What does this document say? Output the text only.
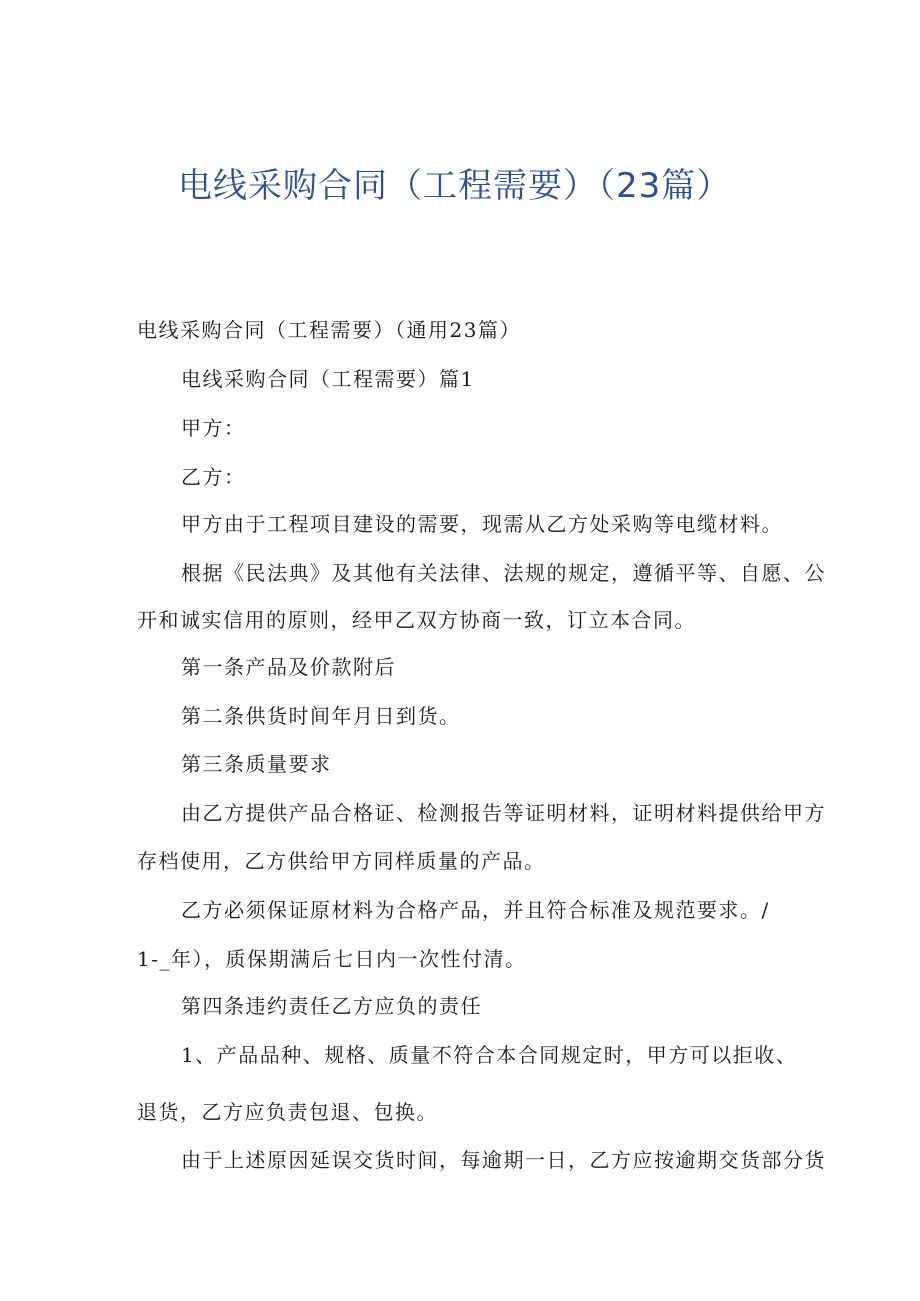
电线采购合同（工程需要）（23篇）

电线采购合同（工程需要）（通用23篇）

电线采购合同（工程需要）篇1

甲方：

乙方：

甲方由于工程项目建设的需要，现需从乙方处采购等电缆材料。

根据《民法典》及其他有关法律、法规的规定，遵循平等、自愿、公

开和诚实信用的原则，经甲乙双方协商一致，订立本合同。

第一条产品及价款附后

第二条供货时间年月日到货。

第三条质量要求

由乙方提供产品合格证、检测报告等证明材料，证明材料提供给甲方

存档使用，乙方供给甲方同样质量的产品。

乙方必须保证原材料为合格产品，并且符合标准及规范要求。/

1-_年），质保期满后七日内一次性付清。

第四条违约责任乙方应负的责任

1、产品品种、规格、质量不符合本合同规定时，甲方可以拒收、

退货，乙方应负责包退、包换。

由于上述原因延误交货时间，每逾期一日，乙方应按逾期交货部分货
